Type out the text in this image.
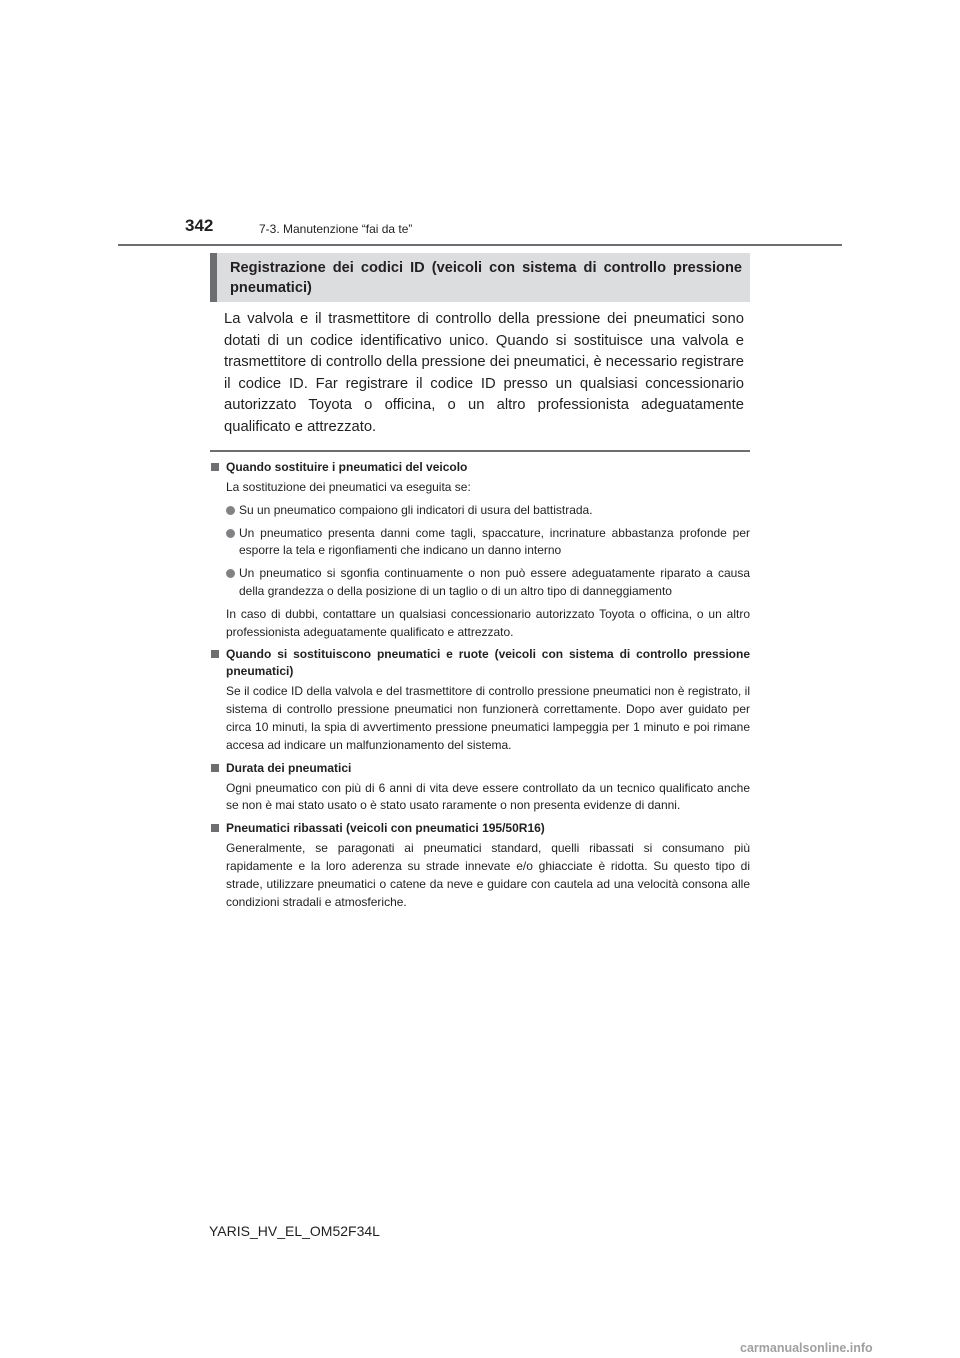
342	7-3. Manutenzione “fai da te”
Registrazione dei codici ID (veicoli con sistema di controllo pressione pneumatici)

La valvola e il trasmettitore di controllo della pressione dei pneumatici sono dotati di un codice identificativo unico. Quando si sostituisce una valvola e trasmettitore di controllo della pressione dei pneumatici, è necessario registrare il codice ID. Far registrare il codice ID presso un qualsiasi concessionario autorizzato Toyota o officina, o un altro professionista adeguatamente qualificato e attrezzato.

Quando sostituire i pneumatici del veicolo
La sostituzione dei pneumatici va eseguita se:
Su un pneumatico compaiono gli indicatori di usura del battistrada.
Un pneumatico presenta danni come tagli, spaccature, incrinature abbastanza profonde per esporre la tela e rigonfiamenti che indicano un danno interno
Un pneumatico si sgonfia continuamente o non può essere adeguatamente riparato a causa della grandezza o della posizione di un taglio o di un altro tipo di danneggiamento
In caso di dubbi, contattare un qualsiasi concessionario autorizzato Toyota o officina, o un altro professionista adeguatamente qualificato e attrezzato.
Quando si sostituiscono pneumatici e ruote (veicoli con sistema di controllo pressione pneumatici)
Se il codice ID della valvola e del trasmettitore di controllo pressione pneumatici non è registrato, il sistema di controllo pressione pneumatici non funzionerà correttamente. Dopo aver guidato per circa 10 minuti, la spia di avvertimento pressione pneumatici lampeggia per 1 minuto e poi rimane accesa ad indicare un malfunzionamento del sistema.
Durata dei pneumatici
Ogni pneumatico con più di 6 anni di vita deve essere controllato da un tecnico qualificato anche se non è mai stato usato o è stato usato raramente o non presenta evidenze di danni.
Pneumatici ribassati (veicoli con pneumatici 195/50R16)
Generalmente, se paragonati ai pneumatici standard, quelli ribassati si consumano più rapidamente e la loro aderenza su strade innevate e/o ghiacciate è ridotta. Su questo tipo di strade, utilizzare pneumatici o catene da neve e guidare con cautela ad una velocità consona alle condizioni stradali e atmosferiche.
YARIS_HV_EL_OM52F34L
carmanualsonline.info
